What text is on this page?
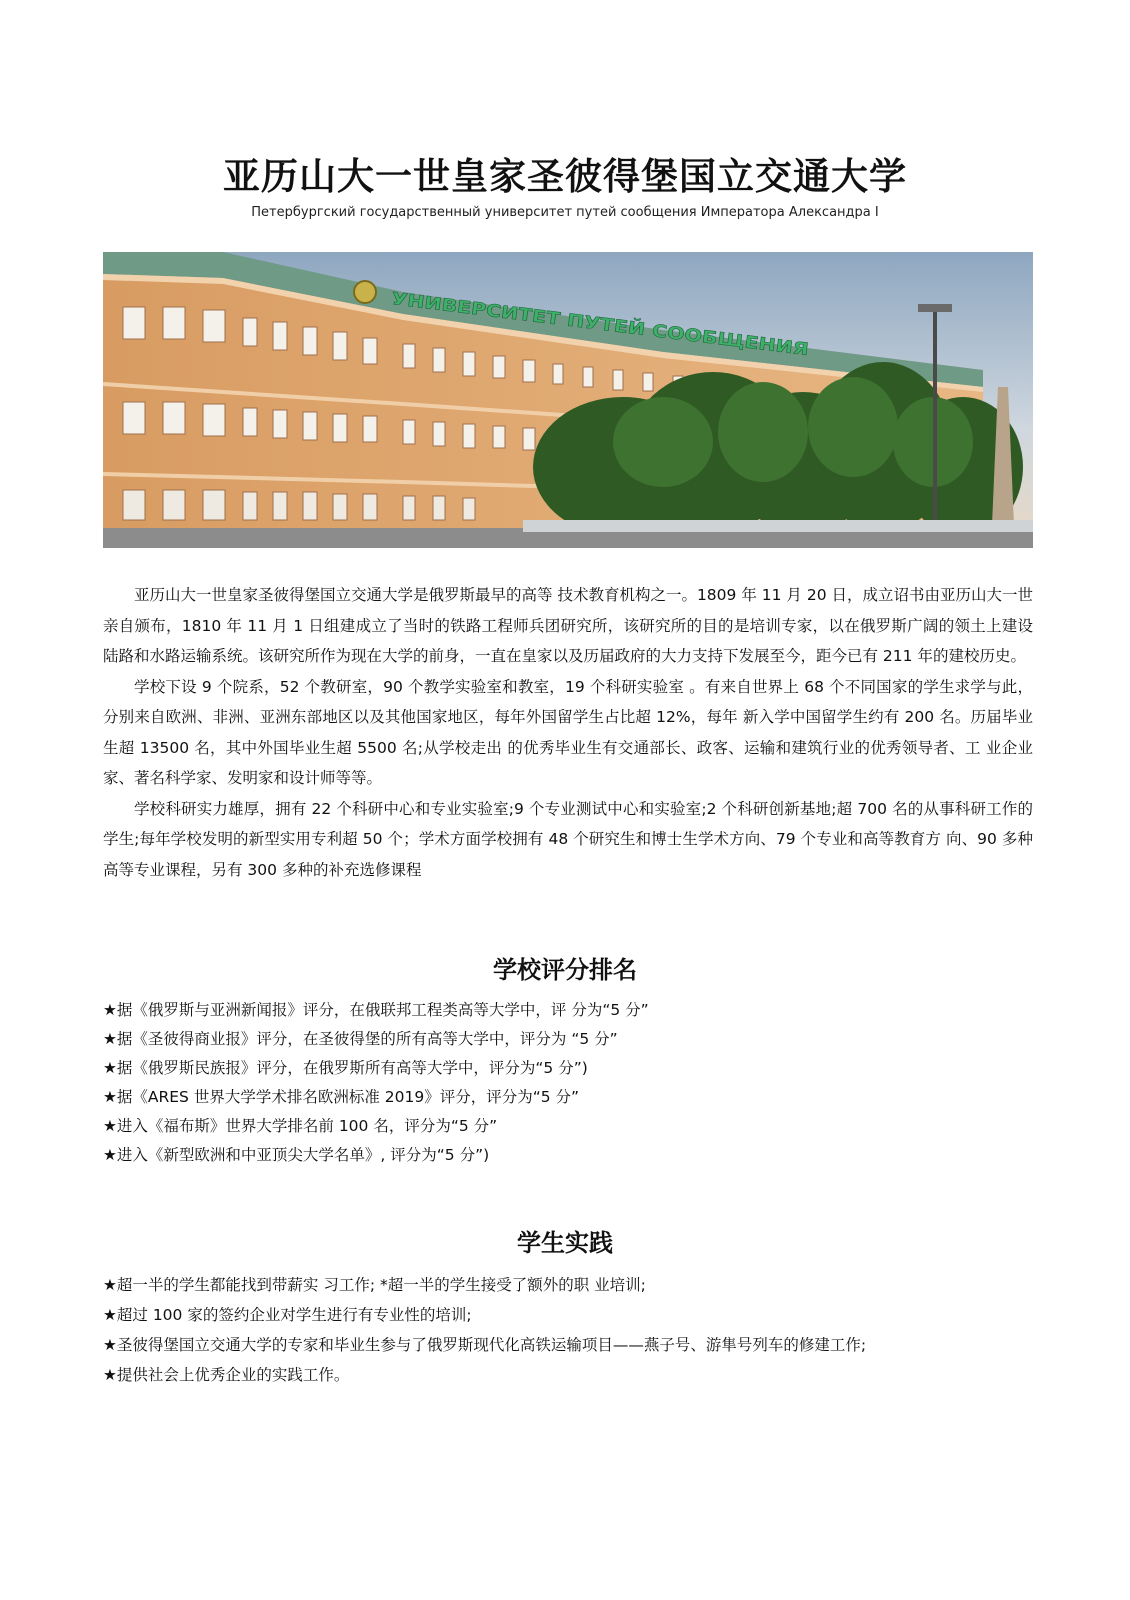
亚历山大一世皇家圣彼得堡国立交通大学

Петербургский государственный университет путей сообщения Императора Александра I

УНИВЕРСИТЕТ ПУТЕЙ СООБЩЕНИЯ

亚历山大一世皇家圣彼得堡国立交通大学是俄罗斯最早的高等 技术教育机构之一。1809 年 11 月 20 日，成立诏书由亚历山大一世亲自颁布，1810 年 11 月 1 日组建成立了当时的铁路工程师兵团研究所，该研究所的目的是培训专家，以在俄罗斯广阔的领土上建设陆路和水路运输系统。该研究所作为现在大学的前身，一直在皇家以及历届政府的大力支持下发展至今，距今已有 211 年的建校历史。

学校下设 9 个院系，52 个教研室，90 个教学实验室和教室，19 个科研实验室 。有来自世界上 68 个不同国家的学生求学与此，分别来自欧洲、非洲、亚洲东部地区以及其他国家地区，每年外国留学生占比超 12%，每年 新入学中国留学生约有 200 名。历届毕业生超 13500 名，其中外国毕业生超 5500 名;从学校走出 的优秀毕业生有交通部长、政客、运输和建筑行业的优秀领导者、工 业企业家、著名科学家、发明家和设计师等等。

学校科研实力雄厚，拥有 22 个科研中心和专业实验室;9 个专业测试中心和实验室;2 个科研创新基地;超 700 名的从事科研工作的学生;每年学校发明的新型实用专利超 50 个；学术方面学校拥有 48 个研究生和博士生学术方向、79 个专业和高等教育方 向、90 多种高等专业课程，另有 300 多种的补充选修课程

学校评分排名
★据《俄罗斯与亚洲新闻报》评分，在俄联邦工程类高等大学中，评 分为“5 分”
★据《圣彼得商业报》评分，在圣彼得堡的所有高等大学中，评分为 “5 分”
★据《俄罗斯民族报》评分，在俄罗斯所有高等大学中，评分为“5 分”)
★据《ARES 世界大学学术排名欧洲标准 2019》评分，评分为“5 分”
★进入《福布斯》世界大学排名前 100 名，评分为“5 分”
★进入《新型欧洲和中亚顶尖大学名单》, 评分为“5 分”)
学生实践
★超一半的学生都能找到带薪实 习工作; *超一半的学生接受了额外的职 业培训;
★超过 100 家的签约企业对学生进行有专业性的培训;
★圣彼得堡国立交通大学的专家和毕业生参与了俄罗斯现代化高铁运输项目——燕子号、游隼号列车的修建工作;
★提供社会上优秀企业的实践工作。
